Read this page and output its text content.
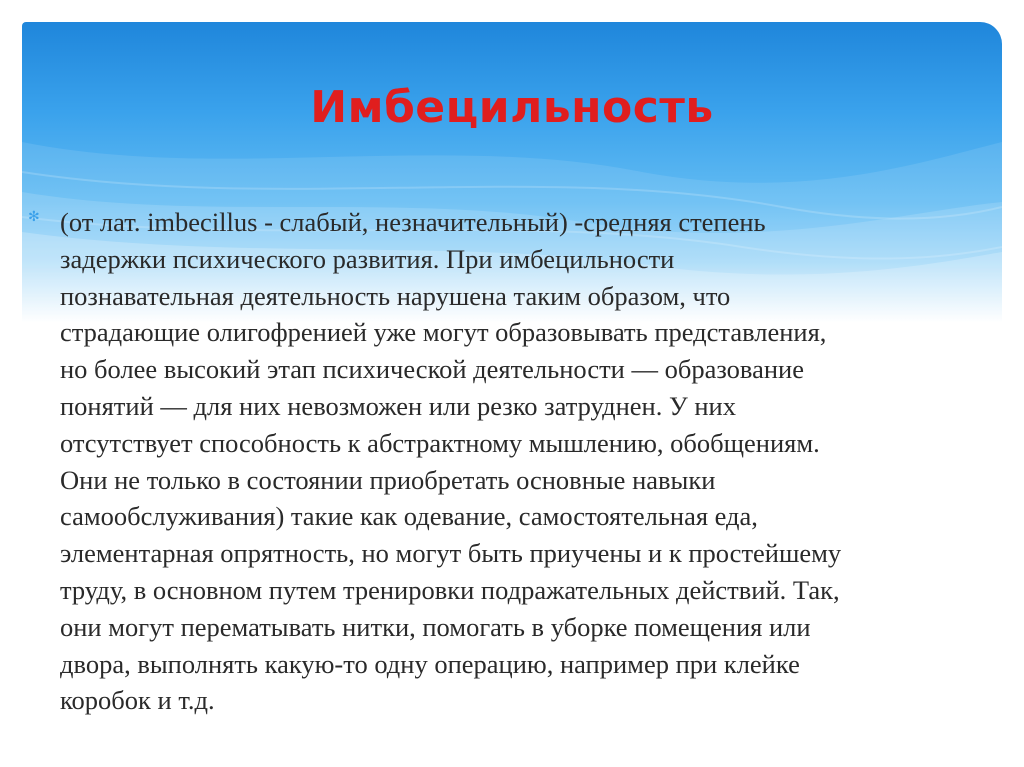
Имбецильность
✻ (от лат. imbecillus - слабый, незначительный) -средняя степень
задержки психического развития. При имбецильности
познавательная деятельность нарушена таким образом, что
страдающие олигофренией уже могут образовывать представления,
но более высокий этап психической деятельности — образование
понятий — для них невозможен или резко затруднен. У них
отсутствует способность к абстрактному мышлению, обобщениям.
Они не только в состоянии приобретать основные навыки
самообслуживания) такие как одевание, самостоятельная еда,
элементарная опрятность, но могут быть приучены и к простейшему
труду, в основном путем тренировки подражательных действий. Так,
они могут перематывать нитки, помогать в уборке помещения или
двора, выполнять какую-то одну операцию, например при клейке
коробок и т.д.
